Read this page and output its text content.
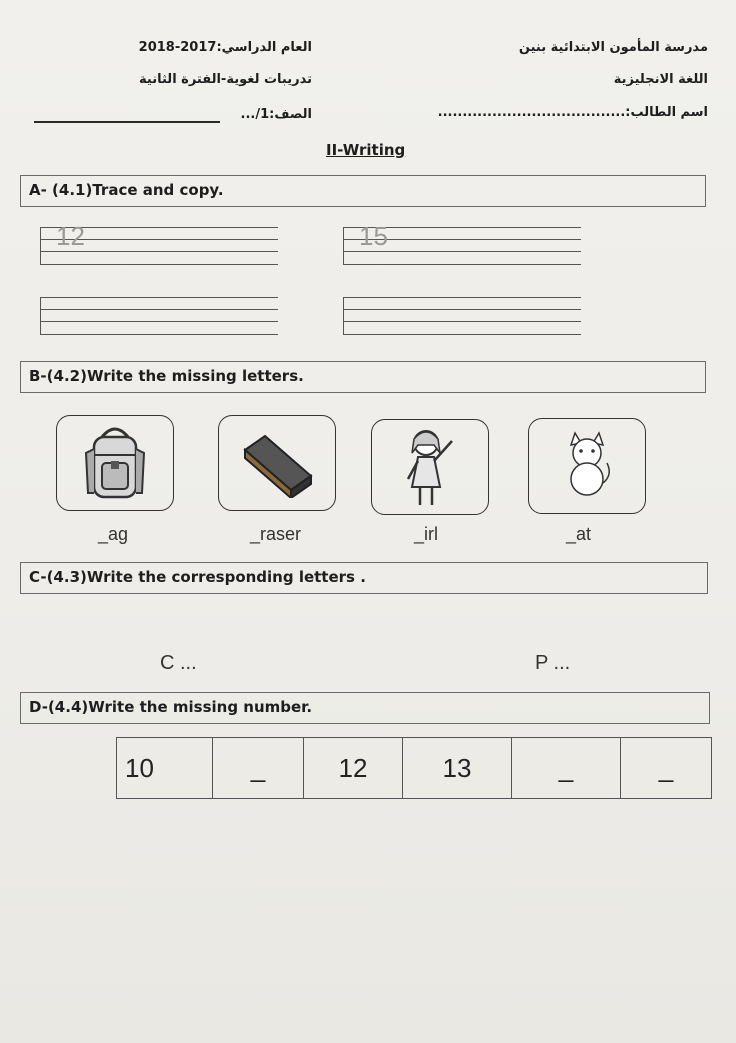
العام الدراسي:2017-2018
تدريبات لغوية-الفترة الثانية
الصف:1/...
مدرسة المأمون الابتدائية بنين
اللغة الانجليزية
اسم الطالب:......................................
II-Writing
A- (4.1)Trace and copy.
12	15
B-(4.2)Write the missing letters.
_ag	_raser	_irl	_at
C-(4.3)Write the corresponding letters .
C ...	P ...
D-(4.4)Write the missing number.
10	_	12	13	_	_
